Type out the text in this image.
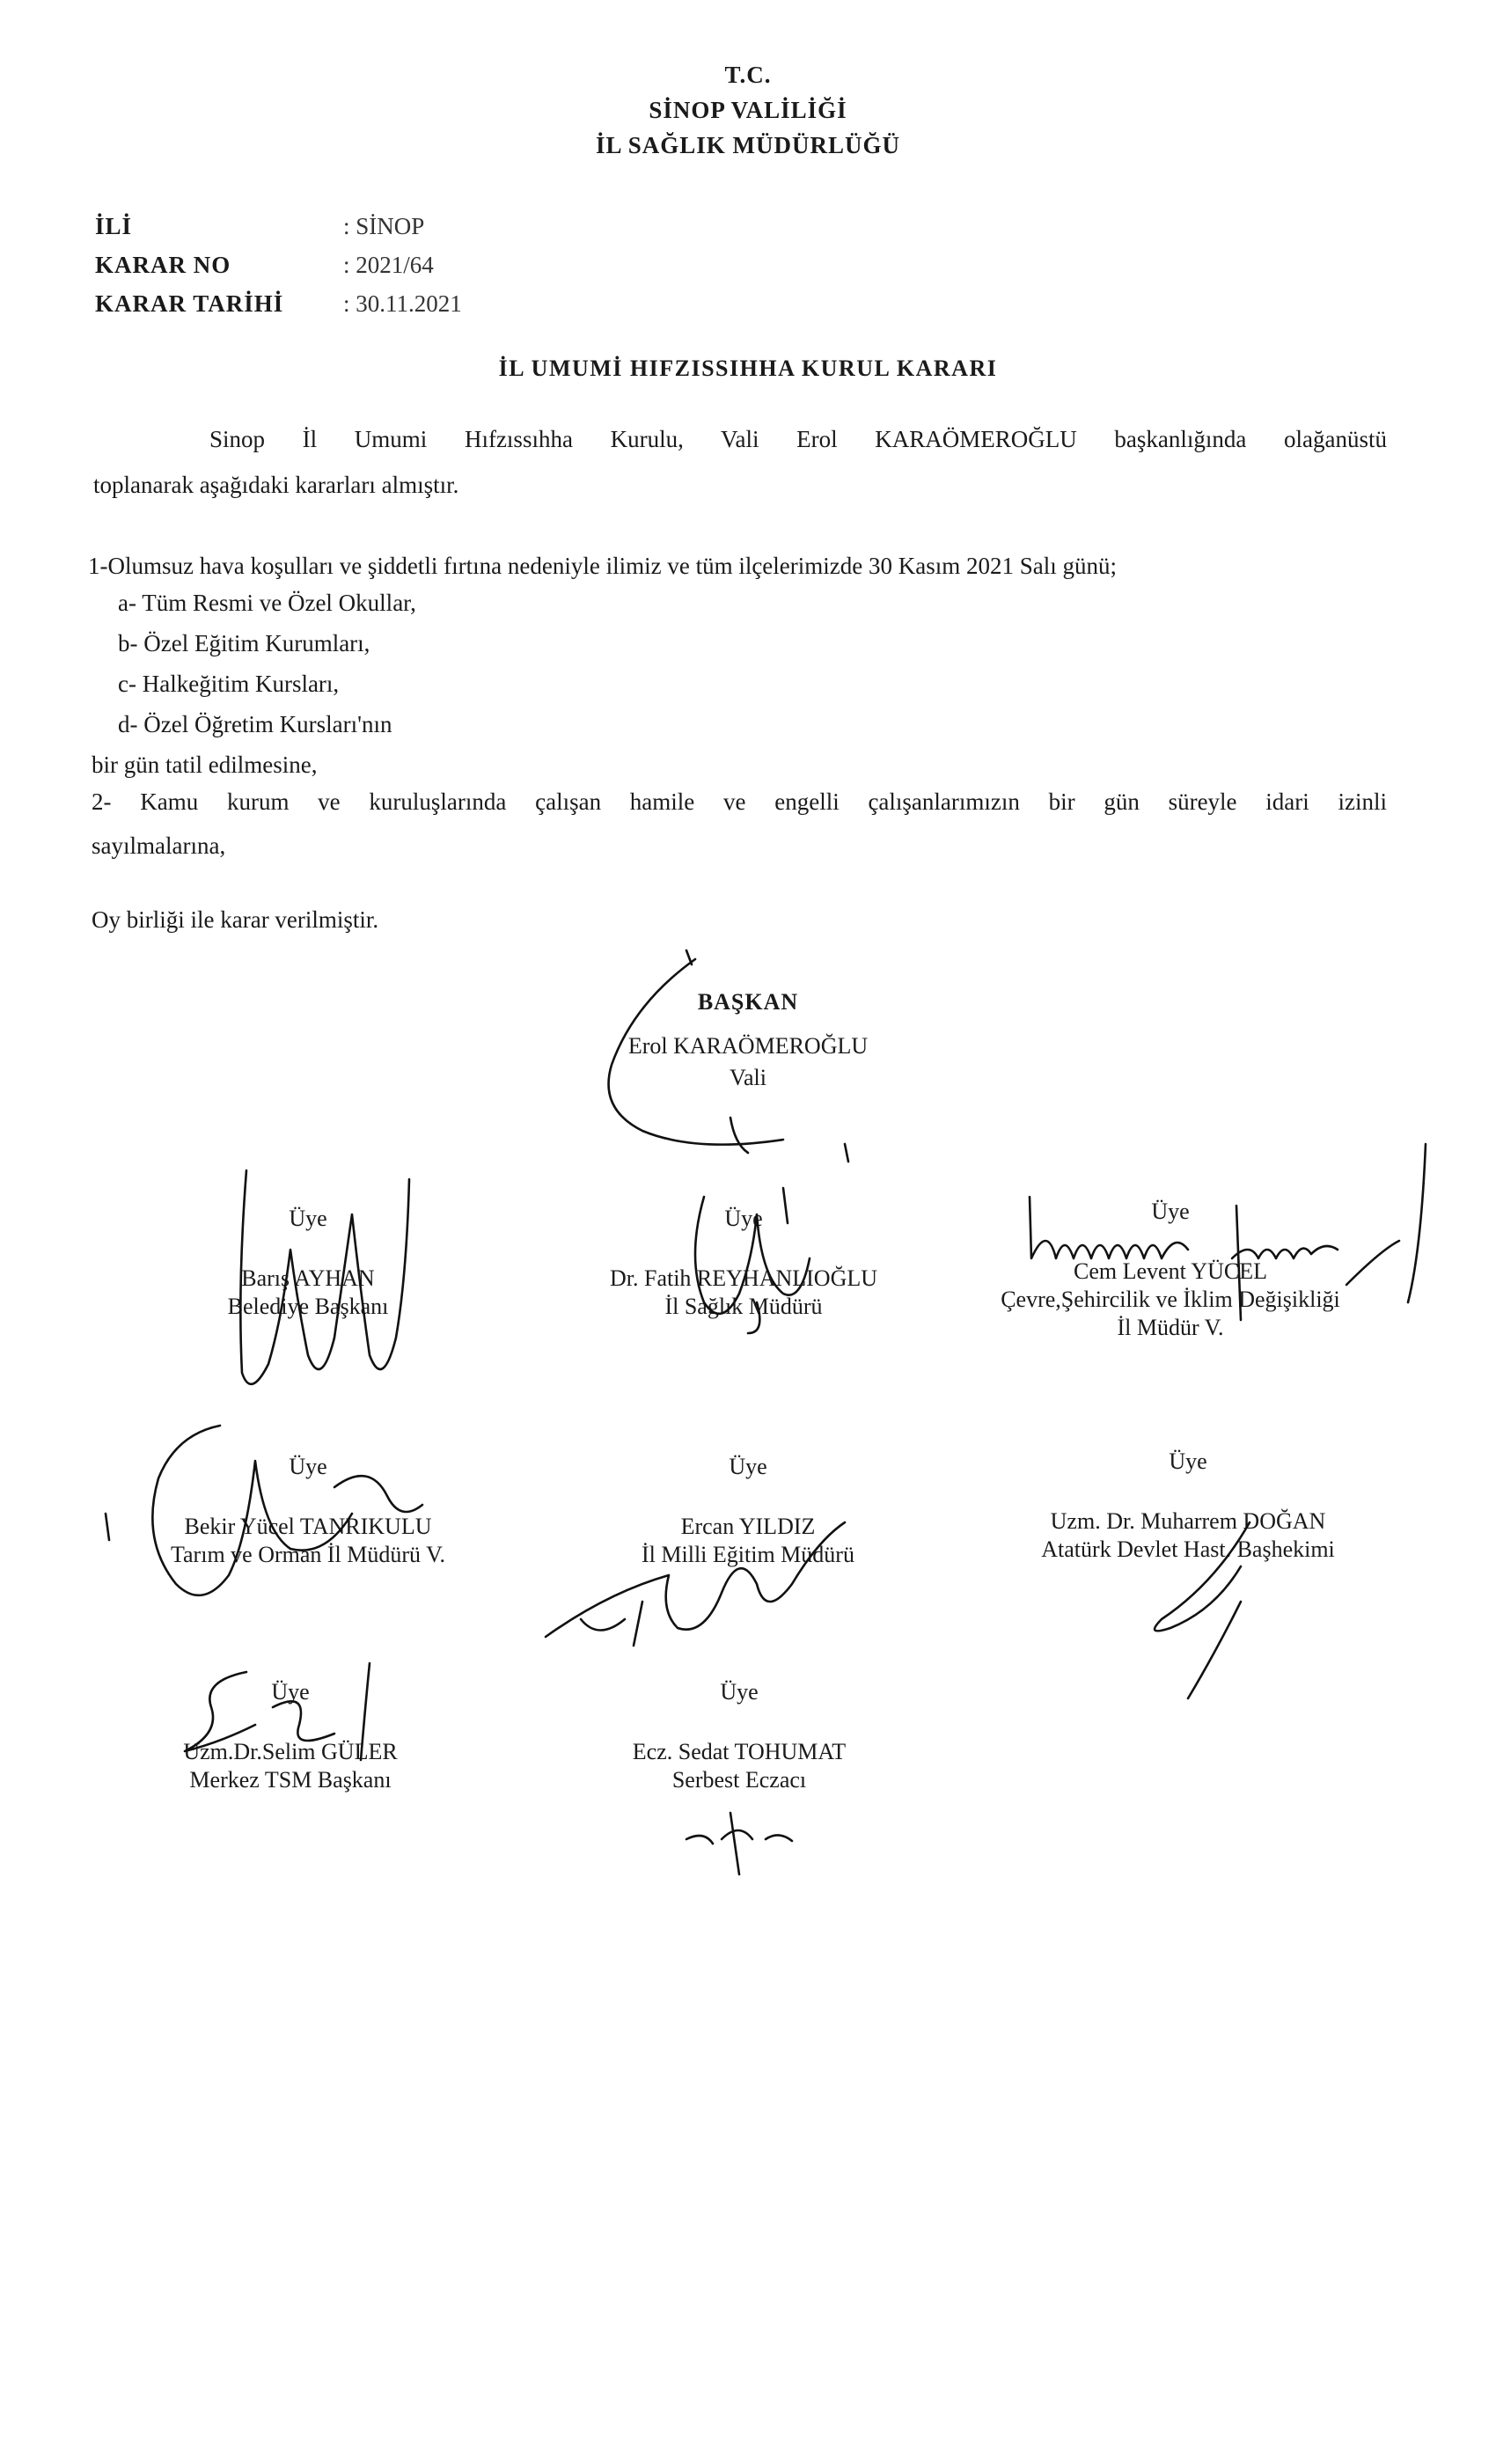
T.C.
SİNOP VALİLİĞİ
İL SAĞLIK MÜDÜRLÜĞÜ
İLİ	: SİNOP
KARAR NO	: 2021/64
KARAR TARİHİ	: 30.11.2021
İL UMUMİ HIFZISSIHHA KURUL KARARI
Sinop İl Umumi Hıfzıssıhha Kurulu, Vali Erol KARAÖMEROĞLU başkanlığında olağanüstü
toplanarak aşağıdaki kararları almıştır.
1-Olumsuz hava koşulları ve şiddetli fırtına nedeniyle ilimiz ve tüm ilçelerimizde 30 Kasım 2021 Salı günü;
a- Tüm Resmi ve Özel Okullar,
b- Özel Eğitim Kurumları,
c- Halkeğitim Kursları,
d- Özel Öğretim Kursları'nın
bir gün tatil edilmesine,
2- Kamu kurum ve kuruluşlarında çalışan hamile ve engelli çalışanlarımızın bir gün süreyle idari izinli
sayılmalarına,
Oy birliği ile karar verilmiştir.
BAŞKAN
Erol KARAÖMEROĞLU
Vali
Üye
Barış AYHAN
Belediye Başkanı
Üye
Dr. Fatih REYHANLIOĞLU
İl Sağlık Müdürü
Üye
Cem Levent YÜCEL
Çevre,Şehircilik ve İklim Değişikliği
İl Müdür V.
Üye
Bekir Yücel TANRIKULU
Tarım ve Orman İl Müdürü V.
Üye
Ercan YILDIZ
İl Milli Eğitim Müdürü
Üye
Uzm. Dr. Muharrem DOĞAN
Atatürk Devlet Hast. Başhekimi
Üye
Uzm.Dr.Selim GÜLER
Merkez TSM Başkanı
Üye
Ecz. Sedat TOHUMAT
Serbest Eczacı
